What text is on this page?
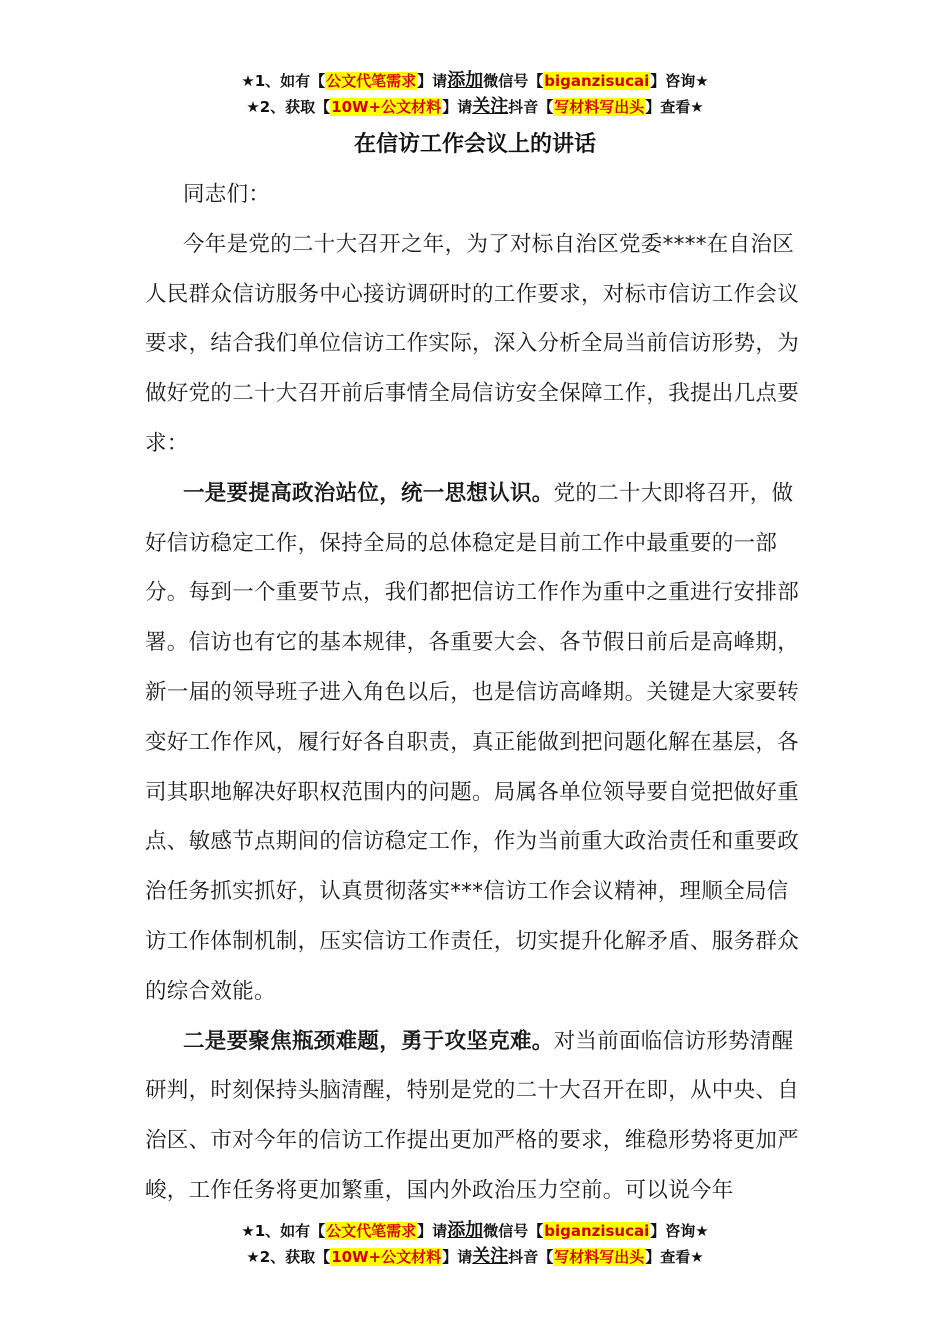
★1、如有【公文代笔需求】请添加微信号【biganzisucai】咨询★
★2、获取【10W+公文材料】请关注抖音【写材料写出头】查看★
在信访工作会议上的讲话

同志们：

今年是党的二十大召开之年，为了对标自治区党委****在自治区人民群众信访服务中心接访调研时的工作要求，对标市信访工作会议要求，结合我们单位信访工作实际，深入分析全局当前信访形势，为做好党的二十大召开前后事情全局信访安全保障工作，我提出几点要求：

一是要提高政治站位，统一思想认识。党的二十大即将召开，做好信访稳定工作，保持全局的总体稳定是目前工作中最重要的一部分。每到一个重要节点，我们都把信访工作作为重中之重进行安排部署。信访也有它的基本规律，各重要大会、各节假日前后是高峰期，新一届的领导班子进入角色以后，也是信访高峰期。关键是大家要转变好工作作风，履行好各自职责，真正能做到把问题化解在基层，各司其职地解决好职权范围内的问题。局属各单位领导要自觉把做好重点、敏感节点期间的信访稳定工作，作为当前重大政治责任和重要政治任务抓实抓好，认真贯彻落实***信访工作会议精神，理顺全局信访工作体制机制，压实信访工作责任，切实提升化解矛盾、服务群众的综合效能。

二是要聚焦瓶颈难题，勇于攻坚克难。对当前面临信访形势清醒研判，时刻保持头脑清醒，特别是党的二十大召开在即，从中央、自治区、市对今年的信访工作提出更加严格的要求，维稳形势将更加严峻，工作任务将更加繁重，国内外政治压力空前。可以说今年

★1、如有【公文代笔需求】请添加微信号【biganzisucai】咨询★
★2、获取【10W+公文材料】请关注抖音【写材料写出头】查看★
